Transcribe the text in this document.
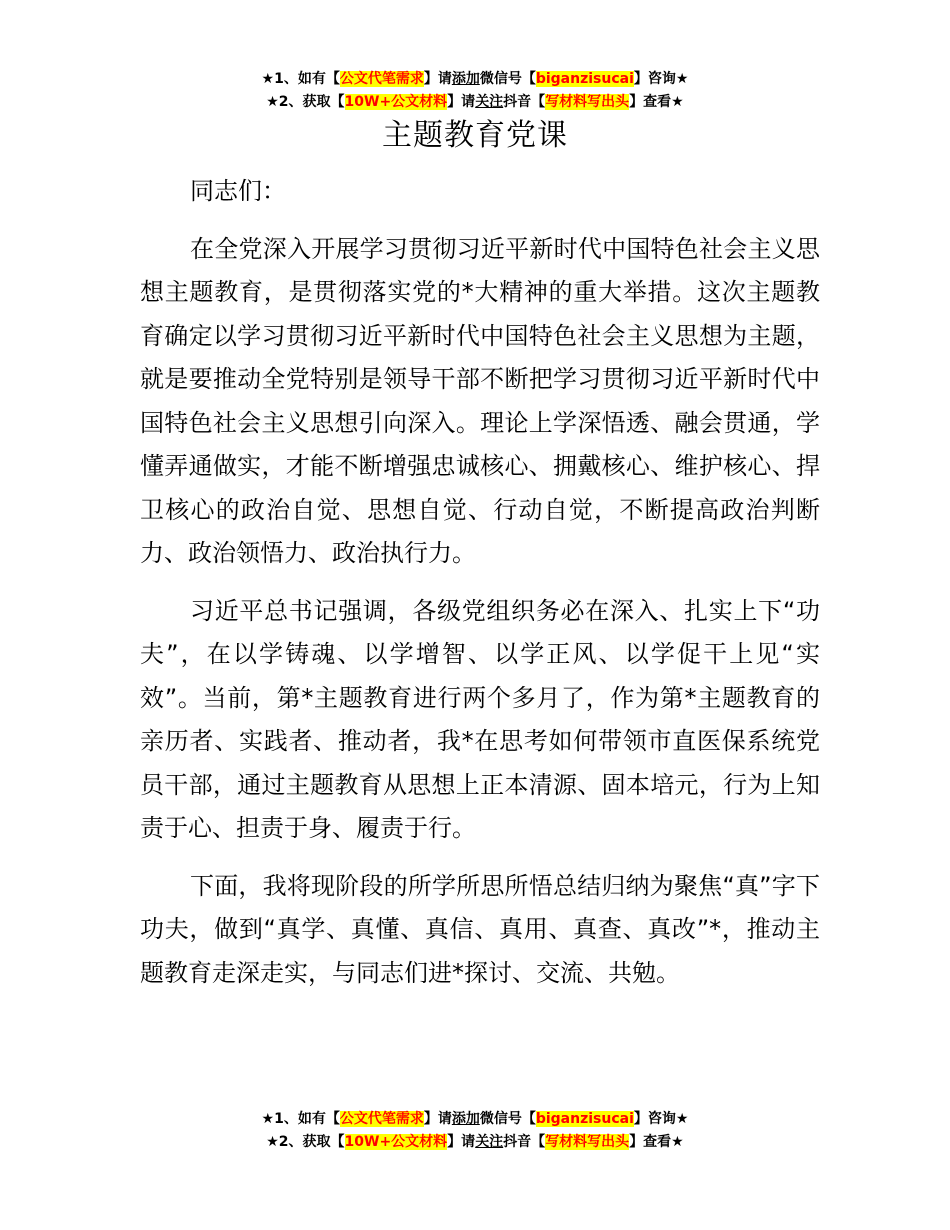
★1、如有【公文代笔需求】请添加微信号【biganzisucai】咨询★
★2、获取【10W+公文材料】请关注抖音【写材料写出头】查看★
主题教育党课

同志们：

在全党深入开展学习贯彻习近平新时代中国特色社会主义思想主题教育，是贯彻落实党的*大精神的重大举措。这次主题教育确定以学习贯彻习近平新时代中国特色社会主义思想为主题，就是要推动全党特别是领导干部不断把学习贯彻习近平新时代中国特色社会主义思想引向深入。理论上学深悟透、融会贯通，学懂弄通做实，才能不断增强忠诚核心、拥戴核心、维护核心、捍卫核心的政治自觉、思想自觉、行动自觉，不断提高政治判断力、政治领悟力、政治执行力。

习近平总书记强调，各级党组织务必在深入、扎实上下“功夫”，在以学铸魂、以学增智、以学正风、以学促干上见“实效”。当前，第*主题教育进行两个多月了，作为第*主题教育的亲历者、实践者、推动者，我*在思考如何带领市直医保系统党员干部，通过主题教育从思想上正本清源、固本培元，行为上知责于心、担责于身、履责于行。

下面，我将现阶段的所学所思所悟总结归纳为聚焦“真”字下功夫，做到“真学、真懂、真信、真用、真查、真改”*，推动主题教育走深走实，与同志们进*探讨、交流、共勉。

★1、如有【公文代笔需求】请添加微信号【biganzisucai】咨询★
★2、获取【10W+公文材料】请关注抖音【写材料写出头】查看★
